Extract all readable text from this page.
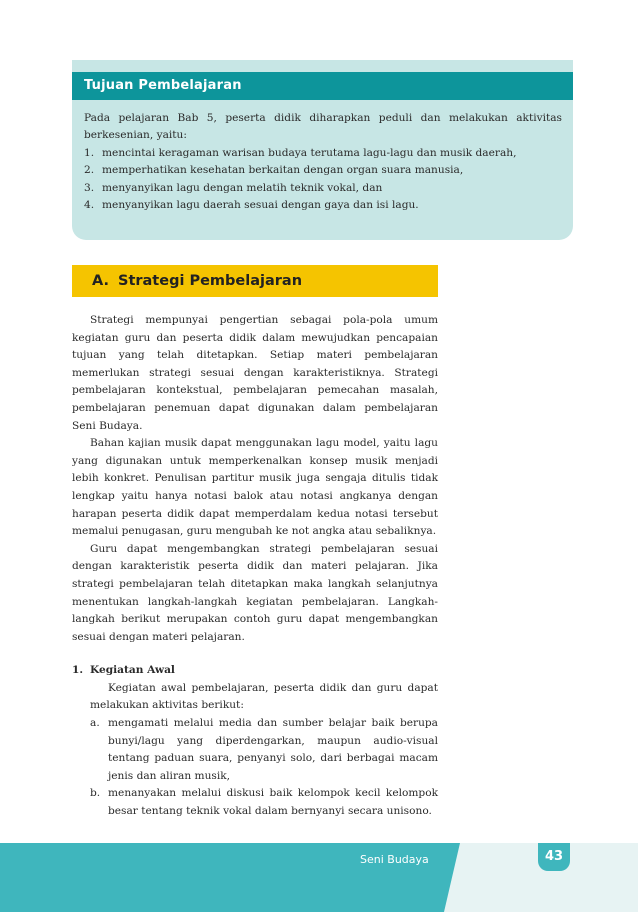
Tujuan Pembelajaran

Pada pelajaran Bab 5, peserta didik diharapkan peduli dan melakukan aktivitas berkesenian, yaitu:

1. mencintai keragaman warisan budaya terutama lagu-lagu dan musik daerah,
2. memperhatikan kesehatan berkaitan dengan organ suara manusia,
3. menyanyikan lagu dengan melatih teknik vokal, dan
4. menyanyikan lagu daerah sesuai dengan gaya dan isi lagu.
A. Strategi Pembelajaran

Strategi mempunyai pengertian sebagai pola-pola umum kegiatan guru dan peserta didik dalam mewujudkan pencapaian tujuan yang telah ditetapkan. Setiap materi pembelajaran memerlukan strategi sesuai dengan karakteristiknya. Strategi pembelajaran kontekstual, pembelajaran pemecahan masalah, pembelajaran penemuan dapat digunakan dalam pembelajaran Seni Budaya.

Bahan kajian musik dapat menggunakan lagu model, yaitu lagu yang digunakan untuk memperkenalkan konsep musik menjadi lebih konkret. Penulisan partitur musik juga sengaja ditulis tidak lengkap yaitu hanya notasi balok atau notasi angkanya dengan harapan peserta didik dapat memperdalam kedua notasi tersebut memalui penugasan, guru mengubah ke not angka atau sebaliknya.

Guru dapat mengembangkan strategi pembelajaran sesuai dengan karakteristik peserta didik dan materi pelajaran. Jika strategi pembelajaran telah ditetapkan maka langkah selanjutnya menentukan langkah-langkah kegiatan pembelajaran. Langkah-langkah berikut merupakan contoh guru dapat mengembangkan sesuai dengan materi pelajaran.

1. Kegiatan Awal

Kegiatan awal pembelajaran, peserta didik dan guru dapat melakukan aktivitas berikut:

a. mengamati melalui media dan sumber belajar baik berupa bunyi/lagu yang diperdengarkan, maupun audio-visual tentang paduan suara, penyanyi solo, dari berbagai macam jenis dan aliran musik,
b. menanyakan melalui diskusi baik kelompok kecil kelompok besar tentang teknik vokal dalam bernyanyi secara unisono.
Seni Budaya	43
